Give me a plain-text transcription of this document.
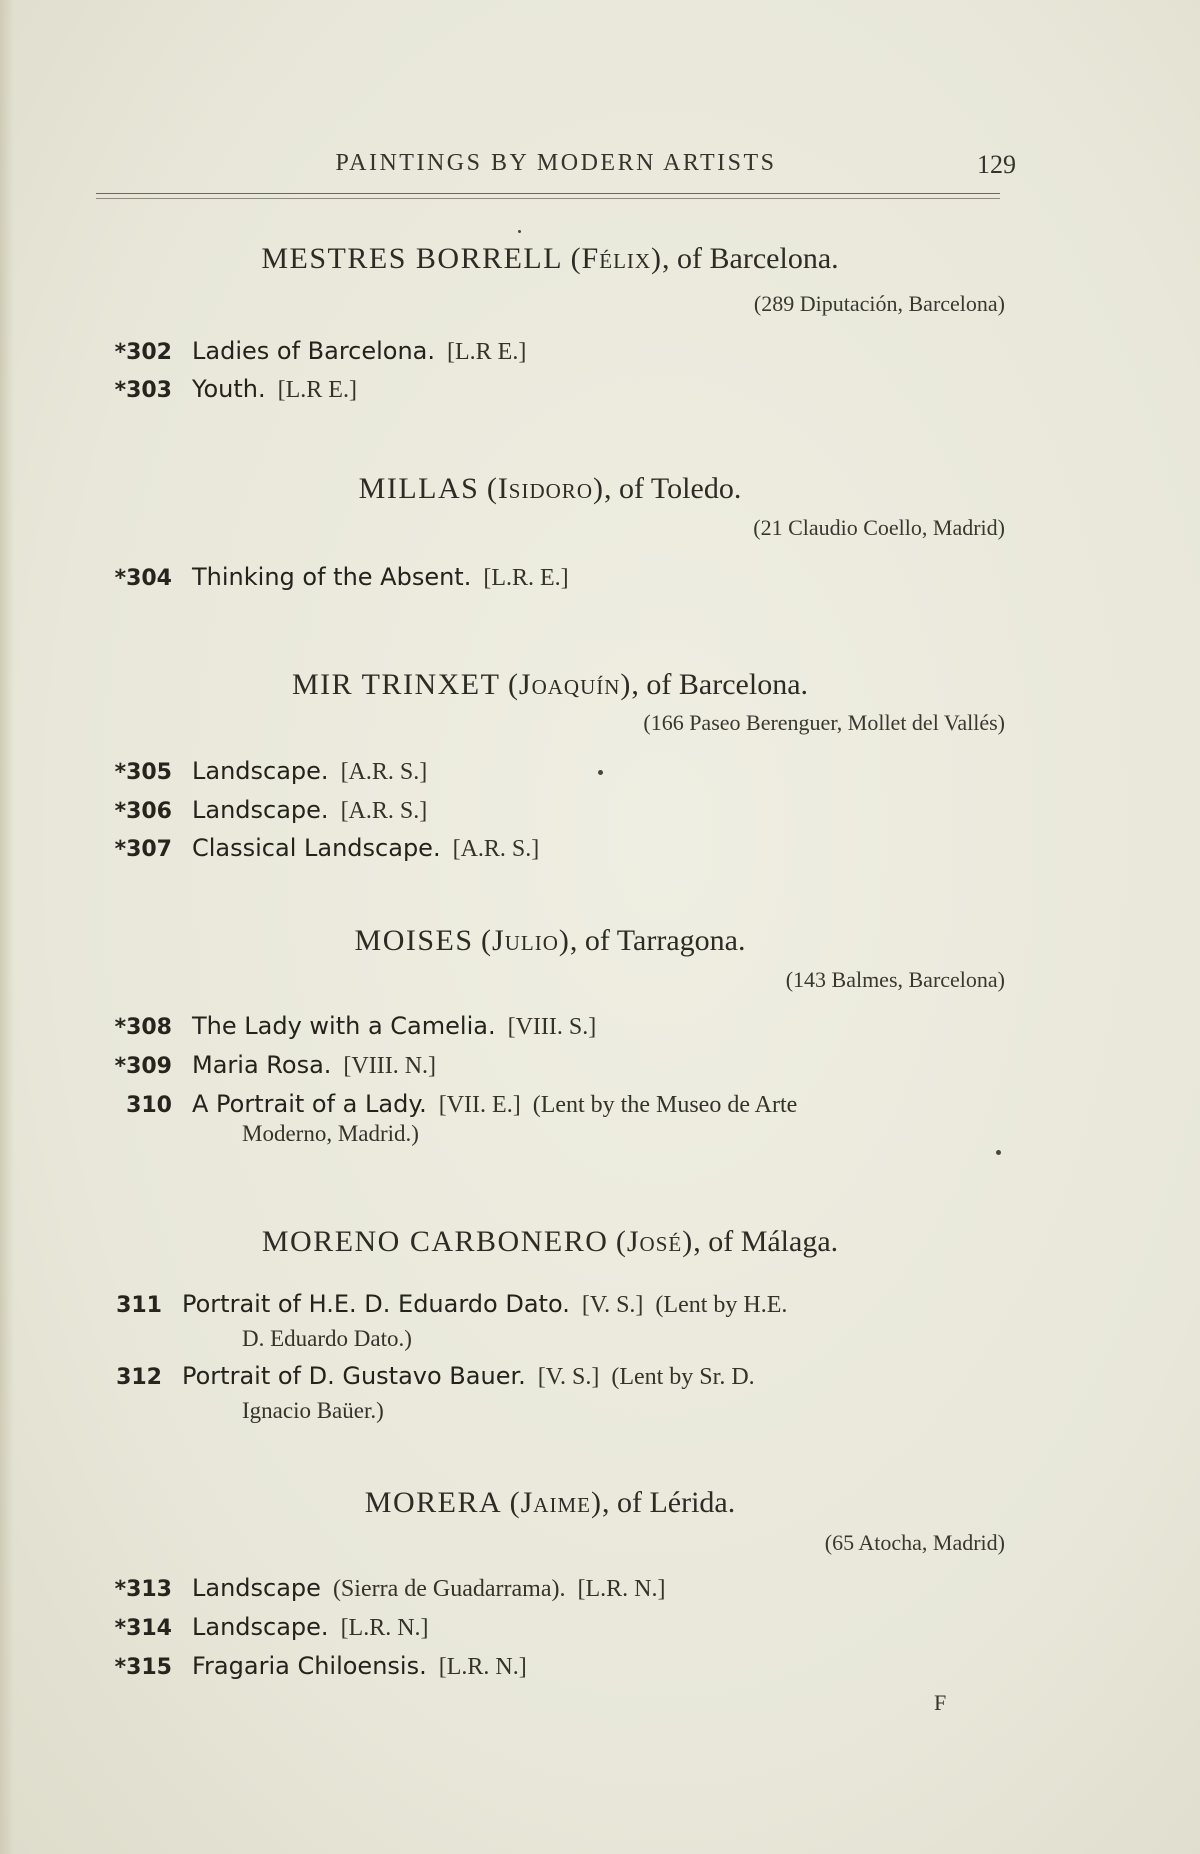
PAINTINGS BY MODERN ARTISTS	129
MESTRES BORRELL (Félix), of Barcelona.
(289 Diputación, Barcelona)
*302 Ladies of Barcelona. [L.R E.]
*303 Youth. [L.R E.]
MILLAS (Isidoro), of Toledo.
(21 Claudio Coello, Madrid)
*304 Thinking of the Absent. [L.R. E.]
MIR TRINXET (Joaquín), of Barcelona.
(166 Paseo Berenguer, Mollet del Vallés)
*305 Landscape. [A.R. S.]
*306 Landscape. [A.R. S.]
*307 Classical Landscape. [A.R. S.]
MOISES (Julio), of Tarragona.
(143 Balmes, Barcelona)
*308 The Lady with a Camelia. [VIII. S.]
*309 Maria Rosa. [VIII. N.]
310 A Portrait of a Lady. [VII. E.] (Lent by the Museo de Arte
Moderno, Madrid.)
MORENO CARBONERO (José), of Málaga.
311 Portrait of H.E. D. Eduardo Dato. [V. S.] (Lent by H.E.
D. Eduardo Dato.)
312 Portrait of D. Gustavo Bauer. [V. S.] (Lent by Sr. D.
Ignacio Baüer.)
MORERA (Jaime), of Lérida.
(65 Atocha, Madrid)
*313 Landscape (Sierra de Guadarrama). [L.R. N.]
*314 Landscape. [L.R. N.]
*315 Fragaria Chiloensis. [L.R. N.]
F
